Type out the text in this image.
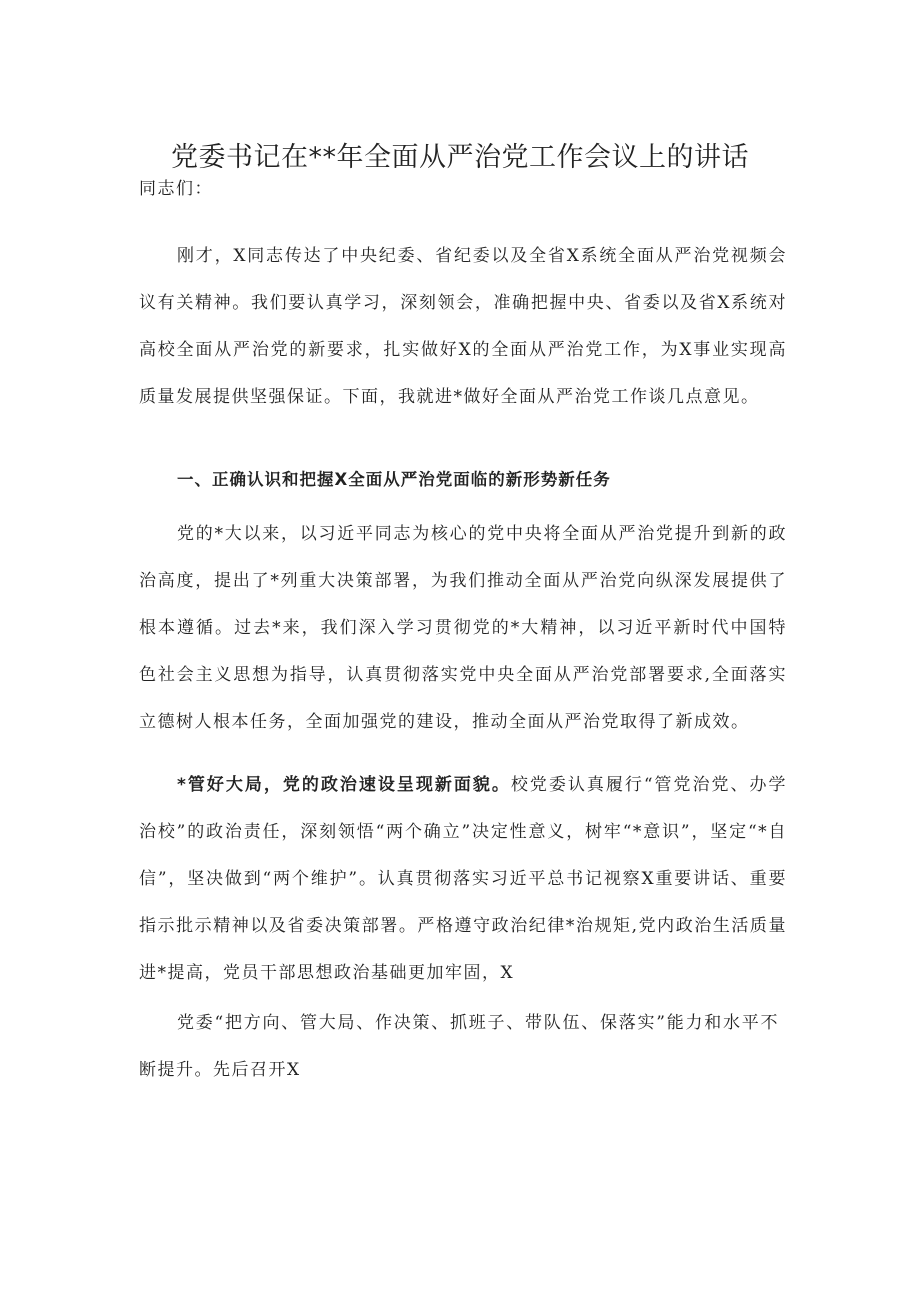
党委书记在**年全面从严治党工作会议上的讲话

同志们：

刚才，X同志传达了中央纪委、省纪委以及全省X系统全面从严治党视频会议有关精神。我们要认真学习，深刻领会，准确把握中央、省委以及省X系统对高校全面从严治党的新要求，扎实做好X的全面从严治党工作，为X事业实现高质量发展提供坚强保证。下面，我就进*做好全面从严治党工作谈几点意见。

一、正确认识和把握X全面从严治党面临的新形势新任务

党的*大以来，以习近平同志为核心的党中央将全面从严治党提升到新的政治高度，提出了*列重大决策部署，为我们推动全面从严治党向纵深发展提供了根本遵循。过去*来，我们深入学习贯彻党的*大精神，以习近平新时代中国特色社会主义思想为指导，认真贯彻落实党中央全面从严治党部署要求,全面落实立德树人根本任务，全面加强党的建设，推动全面从严治党取得了新成效。

*管好大局，党的政治速设呈现新面貌。校党委认真履行“管党治党、办学治校”的政治责任，深刻领悟“两个确立”决定性意义，树牢“*意识”，坚定“*自信”，坚决做到“两个维护”。认真贯彻落实习近平总书记视察X重要讲话、重要指示批示精神以及省委决策部署。严格遵守政治纪律*治规矩,党内政治生活质量进*提高，党员干部思想政治基础更加牢固，X

党委“把方向、管大局、作决策、抓班子、带队伍、保落实”能力和水平不断提升。先后召开X
